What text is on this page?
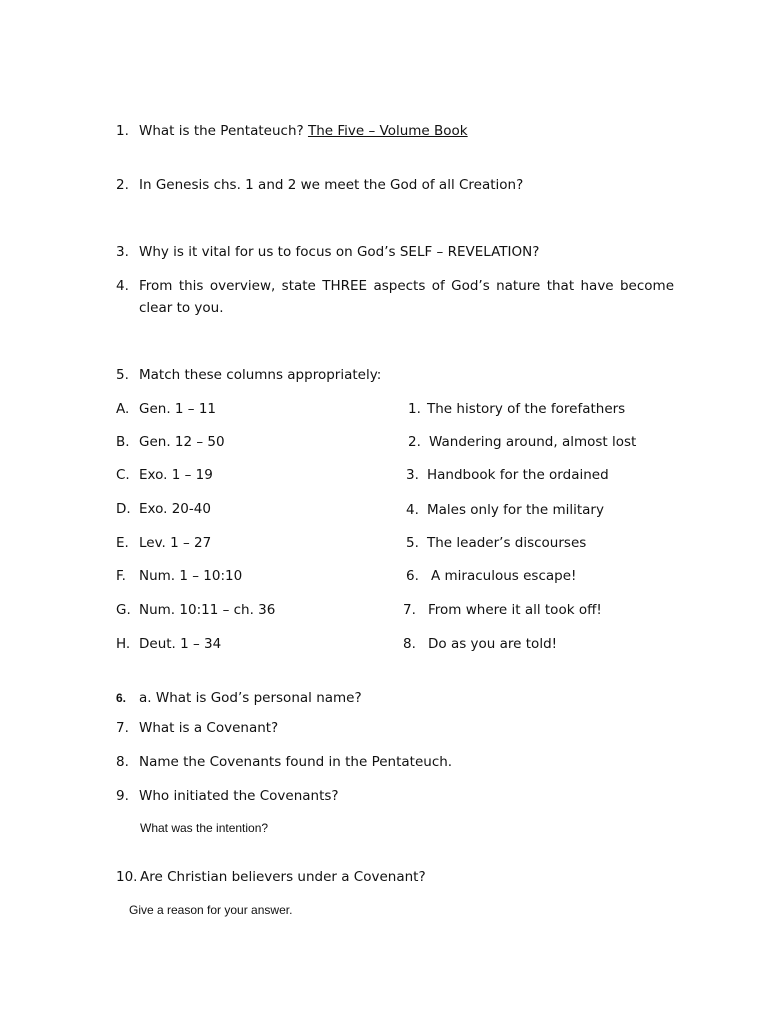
1. What is the Pentateuch? The Five – Volume Book
2. In Genesis chs. 1 and 2 we meet the God of all Creation?
3. Why is it vital for us to focus on God’s SELF – REVELATION?
4. From this overview, state THREE aspects of God’s nature that have become clear to you.
5. Match these columns appropriately:
A. Gen. 1 – 11
B. Gen. 12 – 50
C. Exo. 1 – 19
D. Exo. 20-40
E. Lev. 1 – 27
F. Num. 1 – 10:10
G. Num. 10:11 – ch. 36
H. Deut. 1 – 34
1. The history of the forefathers
2. Wandering around, almost lost
3. Handbook for the ordained
4. Males only for the military
5. The leader’s discourses
6. A miraculous escape!
7. From where it all took off!
8. Do as you are told!
6. a. What is God’s personal name?
7. What is a Covenant?
8. Name the Covenants found in the Pentateuch.
9. Who initiated the Covenants?
What was the intention?
10. Are Christian believers under a Covenant?
Give a reason for your answer.
